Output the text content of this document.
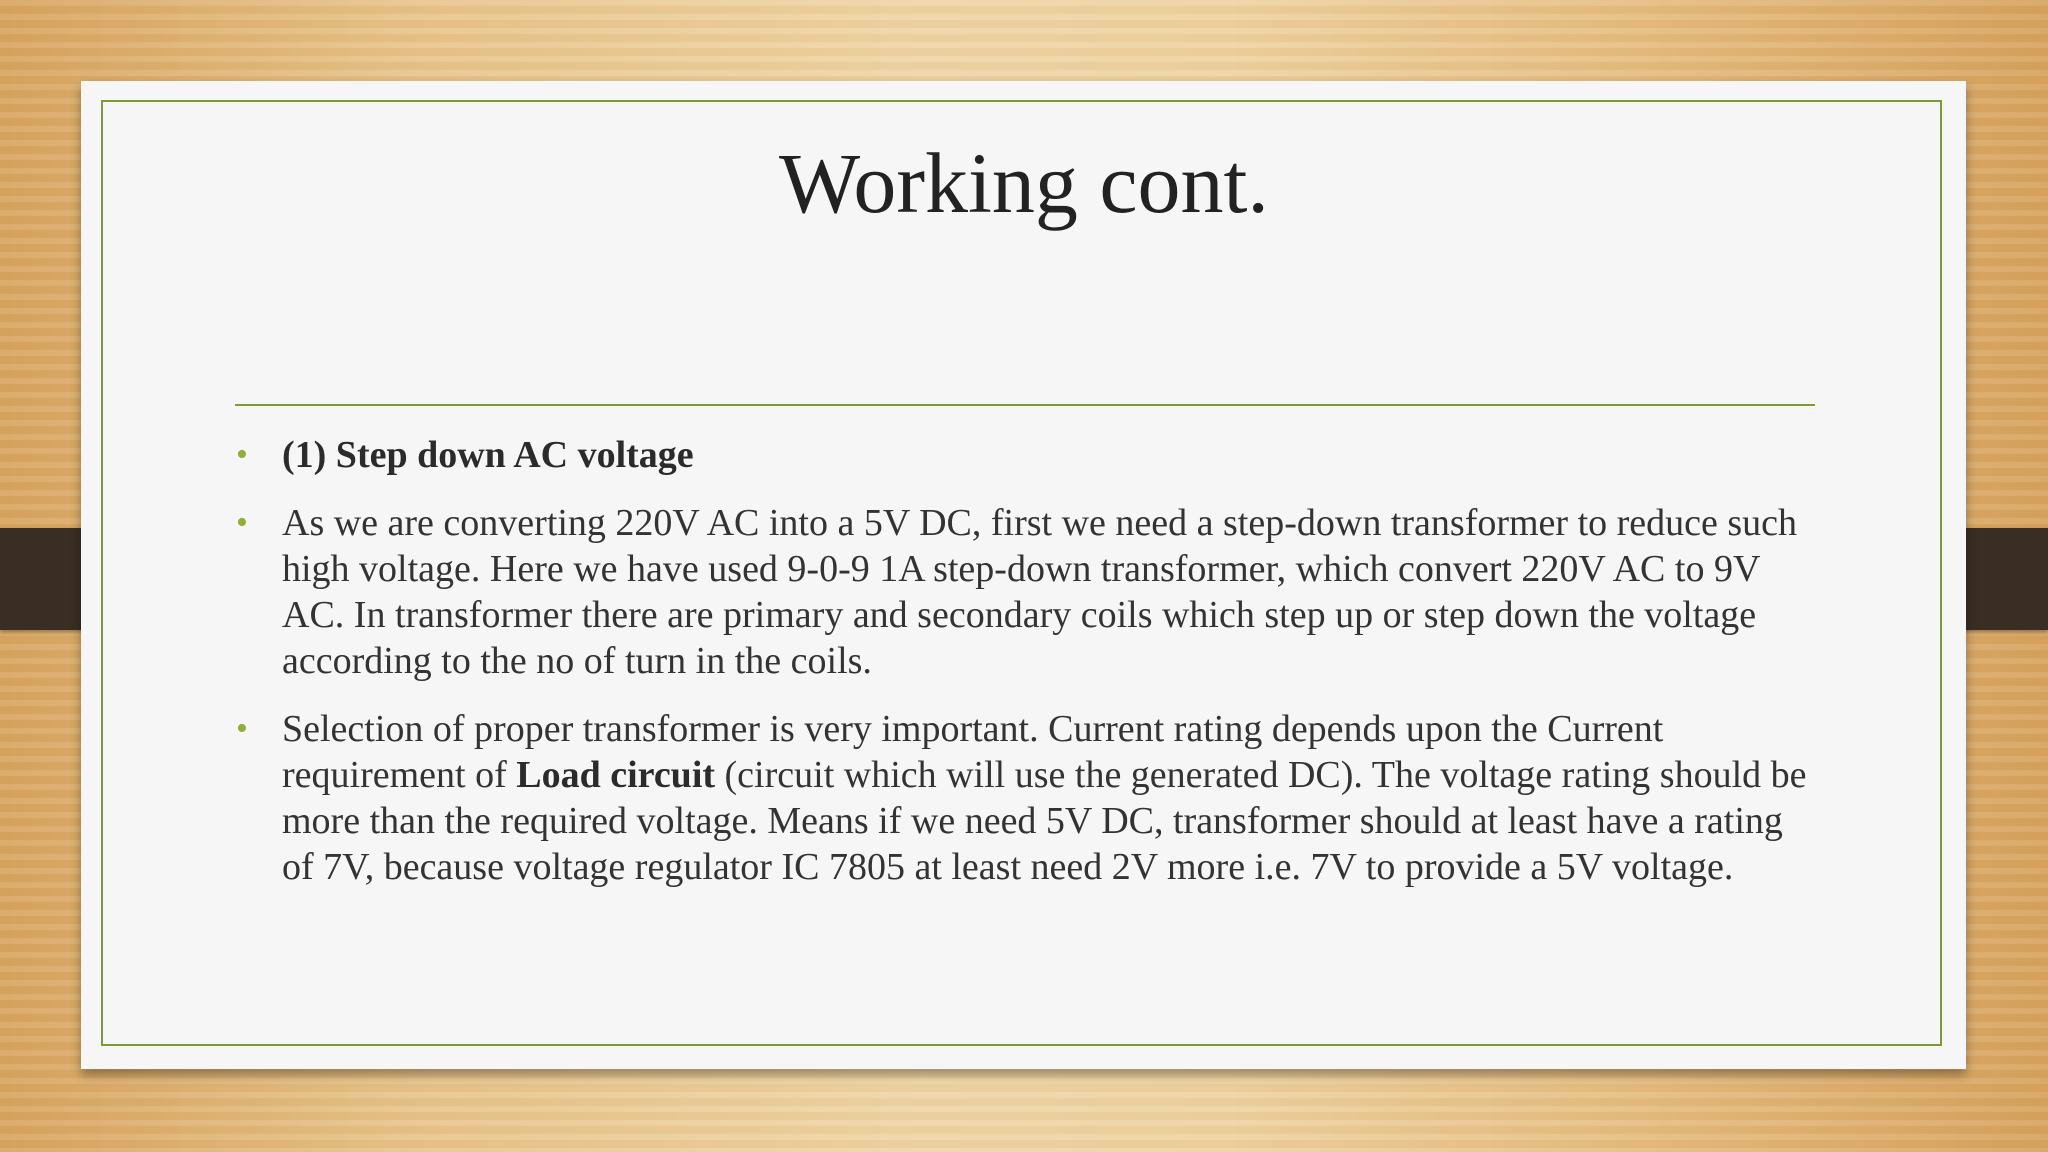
Working cont.
• (1) Step down AC voltage
• As we are converting 220V AC into a 5V DC, first we need a step-down transformer to reduce such high voltage. Here we have used 9-0-9 1A step-down transformer, which convert 220V AC to 9V AC. In transformer there are primary and secondary coils which step up or step down the voltage according to the no of turn in the coils.
• Selection of proper transformer is very important. Current rating depends upon the Current requirement of Load circuit (circuit which will use the generated DC). The voltage rating should be more than the required voltage. Means if we need 5V DC, transformer should at least have a rating of 7V, because voltage regulator IC 7805 at least need 2V more i.e. 7V to provide a 5V voltage.
